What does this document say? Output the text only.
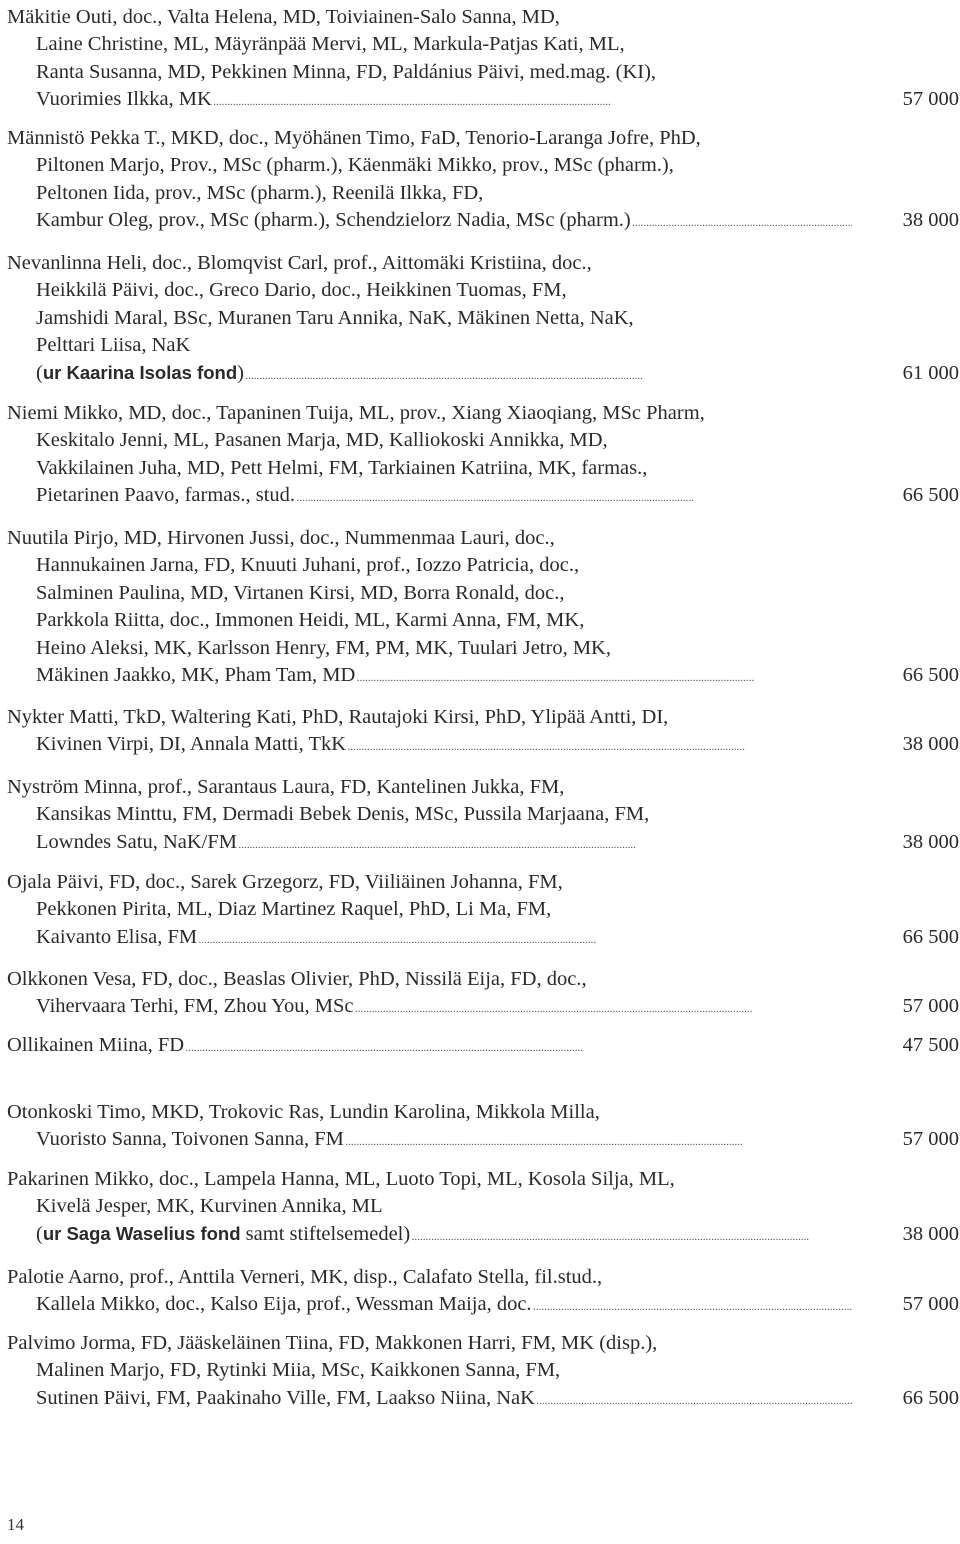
Mäkitie Outi, doc., Valta Helena, MD, Toiviainen-Salo Sanna, MD,
Laine Christine, ML, Mäyränpää Mervi, ML, Markula-Patjas Kati, ML,
Ranta Susanna, MD, Pekkinen Minna, FD, Paldánius Päivi, med.mag. (KI),
57 000
Vuorimies Ilkka, MK . . .
Männistö Pekka T., MKD, doc., Myöhänen Timo, FaD, Tenorio-Laranga Jofre, PhD,
Piltonen Marjo, Prov., MSc (pharm.), Käenmäki Mikko, prov., MSc (pharm.),
Peltonen Iida, prov., MSc (pharm.), Reenilä Ilkka, FD,
38 000
Kambur Oleg, prov., MSc (pharm.), Schendzielorz Nadia, MSc (pharm.) . . .
Nevanlinna Heli, doc., Blomqvist Carl, prof., Aittomäki Kristiina, doc.,
Heikkilä Päivi, doc., Greco Dario, doc., Heikkinen Tuomas, FM,
Jamshidi Maral, BSc, Muranen Taru Annika, NaK, Mäkinen Netta, NaK,
Pelttari Liisa, NaK
61 000
(ur Kaarina Isolas fond) . . .
Niemi Mikko, MD, doc., Tapaninen Tuija, ML, prov., Xiang Xiaoqiang, MSc Pharm,
Keskitalo Jenni, ML, Pasanen Marja, MD, Kalliokoski Annikka, MD,
Vakkilainen Juha, MD, Pett Helmi, FM, Tarkiainen Katriina, MK, farmas.,
66 500
Pietarinen Paavo, farmas., stud. . . .
Nuutila Pirjo, MD, Hirvonen Jussi, doc., Nummenmaa Lauri, doc.,
Hannukainen Jarna, FD, Knuuti Juhani, prof., Iozzo Patricia, doc.,
Salminen Paulina, MD, Virtanen Kirsi, MD, Borra Ronald, doc.,
Parkkola Riitta, doc., Immonen Heidi, ML, Karmi Anna, FM, MK,
Heino Aleksi, MK, Karlsson Henry, FM, PM, MK, Tuulari Jetro, MK,
66 500
Mäkinen Jaakko, MK, Pham Tam, MD . . .
Nykter Matti, TkD, Waltering Kati, PhD, Rautajoki Kirsi, PhD, Ylipää Antti, DI,
38 000
Kivinen Virpi, DI, Annala Matti, TkK . . .
Nyström Minna, prof., Sarantaus Laura, FD, Kantelinen Jukka, FM,
Kansikas Minttu, FM, Dermadi Bebek Denis, MSc, Pussila Marjaana, FM,
38 000
Lowndes Satu, NaK/FM . . .
Ojala Päivi, FD, doc., Sarek Grzegorz, FD, Viiliäinen Johanna, FM,
Pekkonen Pirita, ML, Diaz Martinez Raquel, PhD, Li Ma, FM,
66 500
Kaivanto Elisa, FM . . .
Olkkonen Vesa, FD, doc., Beaslas Olivier, PhD, Nissilä Eija, FD, doc.,
57 000
Vihervaara Terhi, FM, Zhou You, MSc . . .
47 500
Ollikainen Miina, FD . . .
Otonkoski Timo, MKD, Trokovic Ras, Lundin Karolina, Mikkola Milla,
57 000
Vuoristo Sanna, Toivonen Sanna, FM . . .
Pakarinen Mikko, doc., Lampela Hanna, ML, Luoto Topi, ML, Kosola Silja, ML,
Kivelä Jesper, MK, Kurvinen Annika, ML
38 000
(ur Saga Waselius fond samt stiftelsemedel) . . .
Palotie Aarno, prof., Anttila Verneri, MK, disp., Calafato Stella, fil.stud.,
57 000
Kallela Mikko, doc., Kalso Eija, prof., Wessman Maija, doc. . . .
Palvimo Jorma, FD, Jääskeläinen Tiina, FD, Makkonen Harri, FM, MK (disp.),
Malinen Marjo, FD, Rytinki Miia, MSc, Kaikkonen Sanna, FM,
66 500
Sutinen Päivi, FM, Paakinaho Ville, FM, Laakso Niina, NaK . . .
14
